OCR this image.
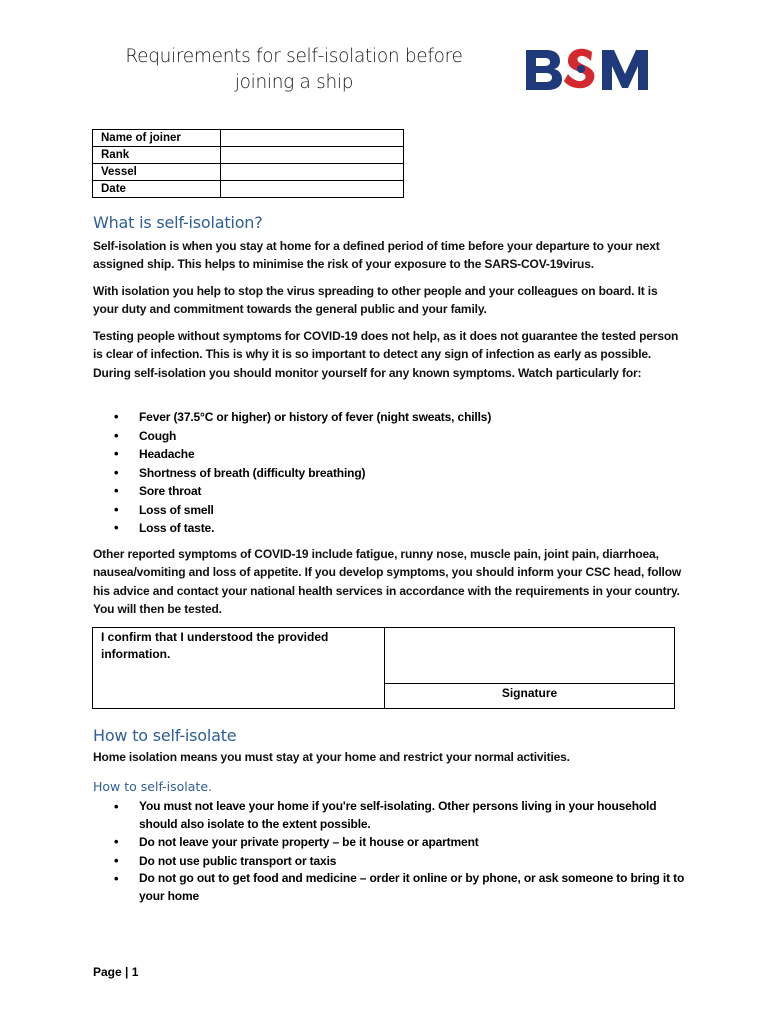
Requirements for self-isolation before
joining a ship
Name of joiner	
Rank	
Vessel	
Date	
What is self-isolation?

Self-isolation is when you stay at home for a defined period of time before your departure to your next assigned ship. This helps to minimise the risk of your exposure to the SARS-COV-19virus.

With isolation you help to stop the virus spreading to other people and your colleagues on board. It is your duty and commitment towards the general public and your family.

Testing people without symptoms for COVID-19 does not help, as it does not guarantee the tested person is clear of infection. This is why it is so important to detect any sign of infection as early as possible. During self-isolation you should monitor yourself for any known symptoms. Watch particularly for:

• Fever (37.5°C or higher) or history of fever (night sweats, chills)
• Cough
• Headache
• Shortness of breath (difficulty breathing)
• Sore throat
• Loss of smell
• Loss of taste.

Other reported symptoms of COVID-19 include fatigue, runny nose, muscle pain, joint pain, diarrhoea, nausea/vomiting and loss of appetite. If you develop symptoms, you should inform your CSC head, follow his advice and contact your national health services in accordance with the requirements in your country. You will then be tested.

I confirm that I understood the provided information.
Signature
How to self-isolate

Home isolation means you must stay at your home and restrict your normal activities.

How to self-isolate.
• You must not leave your home if you're self-isolating. Other persons living in your household should also isolate to the extent possible.
• Do not leave your private property – be it house or apartment
• Do not use public transport or taxis
• Do not go out to get food and medicine – order it online or by phone, or ask someone to bring it to your home
Page | 1
